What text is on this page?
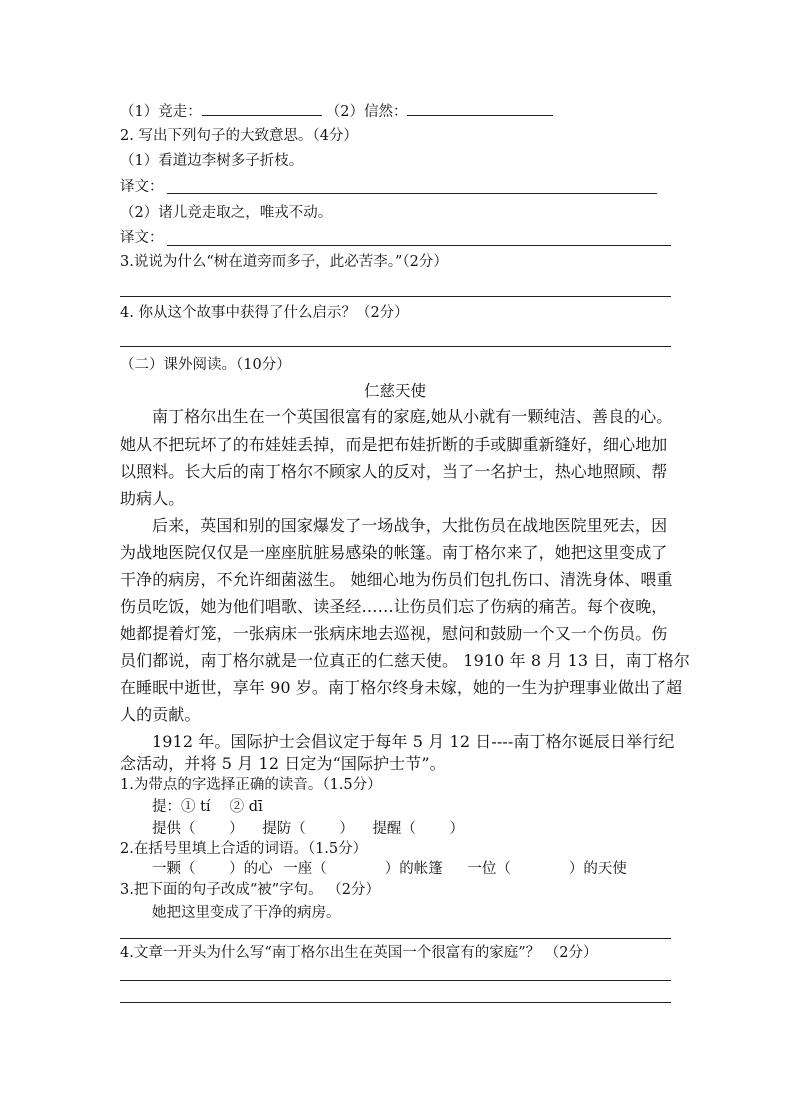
（1）竞走：	（2）信然：
2. 写出下列句子的大致意思。（4分）
（1）看道边李树多子折枝。
译文：
（2）诸儿竞走取之，唯戎不动。
译文：
3.说说为什么“树在道旁而多子，此必苦李。”（2分）
4. 你从这个故事中获得了什么启示？（2分）
（二）课外阅读。（10分）
仁慈天使
南丁格尔出生在一个英国很富有的家庭,她从小就有一颗纯洁、善良的心。
她从不把玩坏了的布娃娃丢掉，而是把布娃折断的手或脚重新缝好，细心地加
以照料。长大后的南丁格尔不顾家人的反对，当了一名护士，热心地照顾、帮
助病人。
后来，英国和别的国家爆发了一场战争，大批伤员在战地医院里死去，因
为战地医院仅仅是一座座肮脏易感染的帐篷。南丁格尔来了，她把这里变成了
干净的病房，不允许细菌滋生。 她细心地为伤员们包扎伤口、清洗身体、喂重
伤员吃饭，她为他们唱歌、读圣经……让伤员们忘了伤病的痛苦。每个夜晚，
她都提着灯笼，一张病床一张病床地去巡视，慰问和鼓励一个又一个伤员。伤
员们都说，南丁格尔就是一位真正的仁慈天使。 1910 年 8 月 13 日，南丁格尔
在睡眠中逝世，享年 90 岁。南丁格尔终身未嫁，她的一生为护理事业做出了超
人的贡献。
1912 年。国际护士会倡议定于每年 5 月 12 日----南丁格尔诞辰日举行纪
念活动，并将 5 月 12 日定为“国际护士节”。
1.为带点的字选择正确的读音。（1.5分）
提：① tí　 ② dī
提供（　　 ） 提防（　　 ） 提醒（　　 ）
2.在括号里填上合适的词语。（1.5分）
一颗（　　 ）的心 一座（　　　　）的帐篷 一位（　　　　）的天使
3.把下面的句子改成“被”字句。 （2分）
她把这里变成了干净的病房。
4.文章一开头为什么写“南丁格尔出生在英国一个很富有的家庭”？ （2分）
